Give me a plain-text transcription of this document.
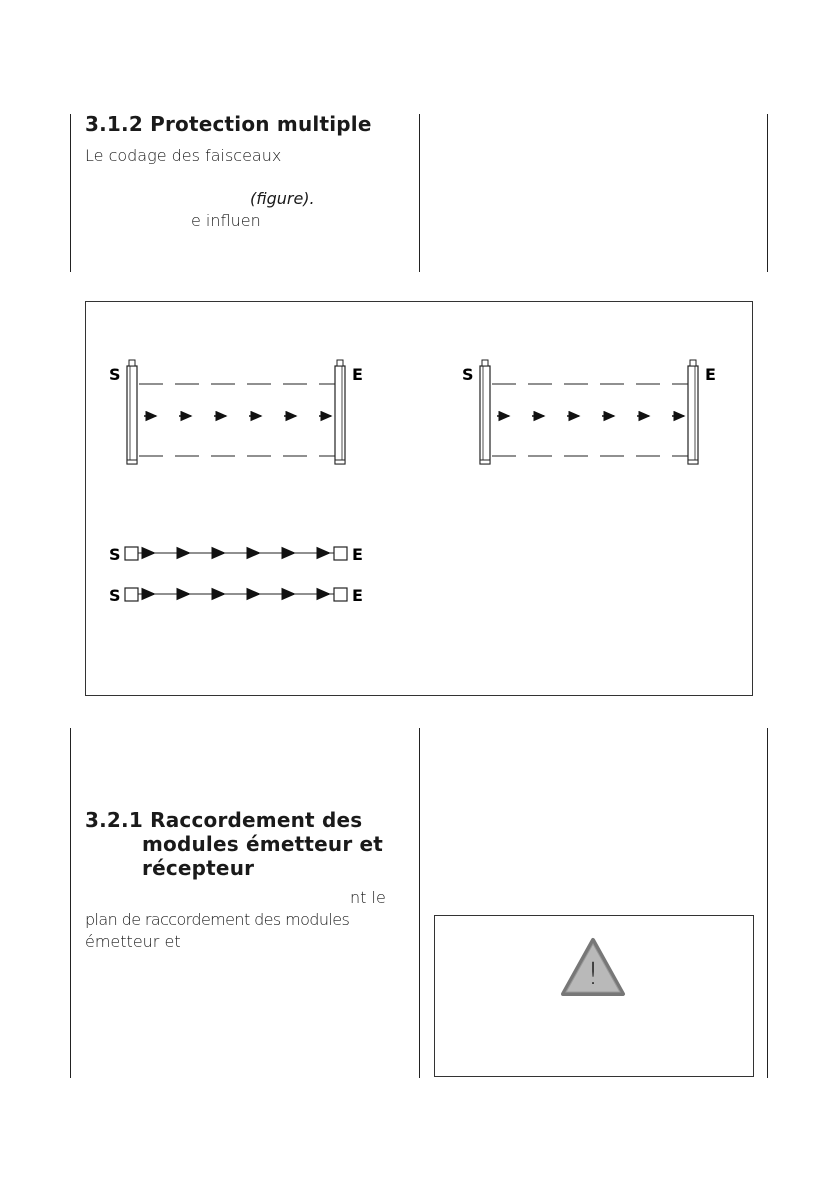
3.1.2 Protection multiple
Le codage des faisceaux
(figure).
e influen
S	E	S	E
S	E
S	E
3.2.1 Raccordement des
modules émetteur et
récepteur
nt le
plan de raccordement des modules
émetteur et
!
